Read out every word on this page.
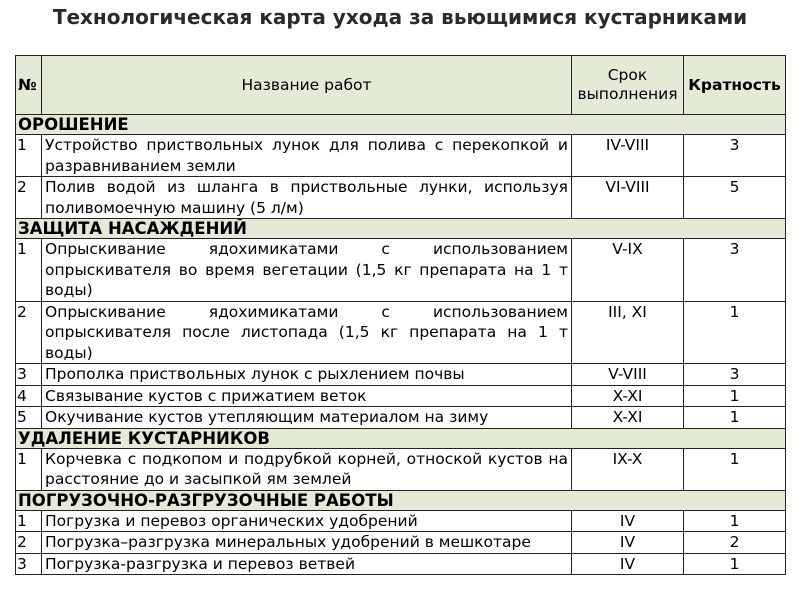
Технологическая карта ухода за вьющимися кустарниками
№	Название работ	Срок выполнения	Кратность
ОРОШЕНИЕ			
1	Устройство приствольных лунок для полива с перекопкой и разравниванием земли	IV-VIII	3
2	Полив водой из шланга в приствольные лунки, используя поливомоечную машину (5 л/м)	VI-VIII	5
ЗАЩИТА НАСАЖДЕНИЙ			
1	Опрыскивание ядохимикатами с использованием опрыскивателя во время вегетации (1,5 кг препарата на 1 т воды)	V-IX	3
2	Опрыскивание ядохимикатами с использованием опрыскивателя после листопада (1,5 кг препарата на 1 т воды)	III, XI	1
3	Прополка приствольных лунок с рыхлением почвы	V-VIII	3
4	Связывание кустов с прижатием веток	X-XI	1
5	Окучивание кустов утепляющим материалом на зиму	X-XI	1
УДАЛЕНИЕ КУСТАРНИКОВ			
1	Корчевка с подкопом и подрубкой корней, отноской кустов на расстояние до и засыпкой ям землей	IX-X	1
ПОГРУЗОЧНО-РАЗГРУЗОЧНЫЕ РАБОТЫ			
1	Погрузка и перевоз органических удобрений	IV	1
2	Погрузка–разгрузка минеральных удобрений в мешкотаре	IV	2
3	Погрузка-разгрузка и перевоз ветвей	IV	1
